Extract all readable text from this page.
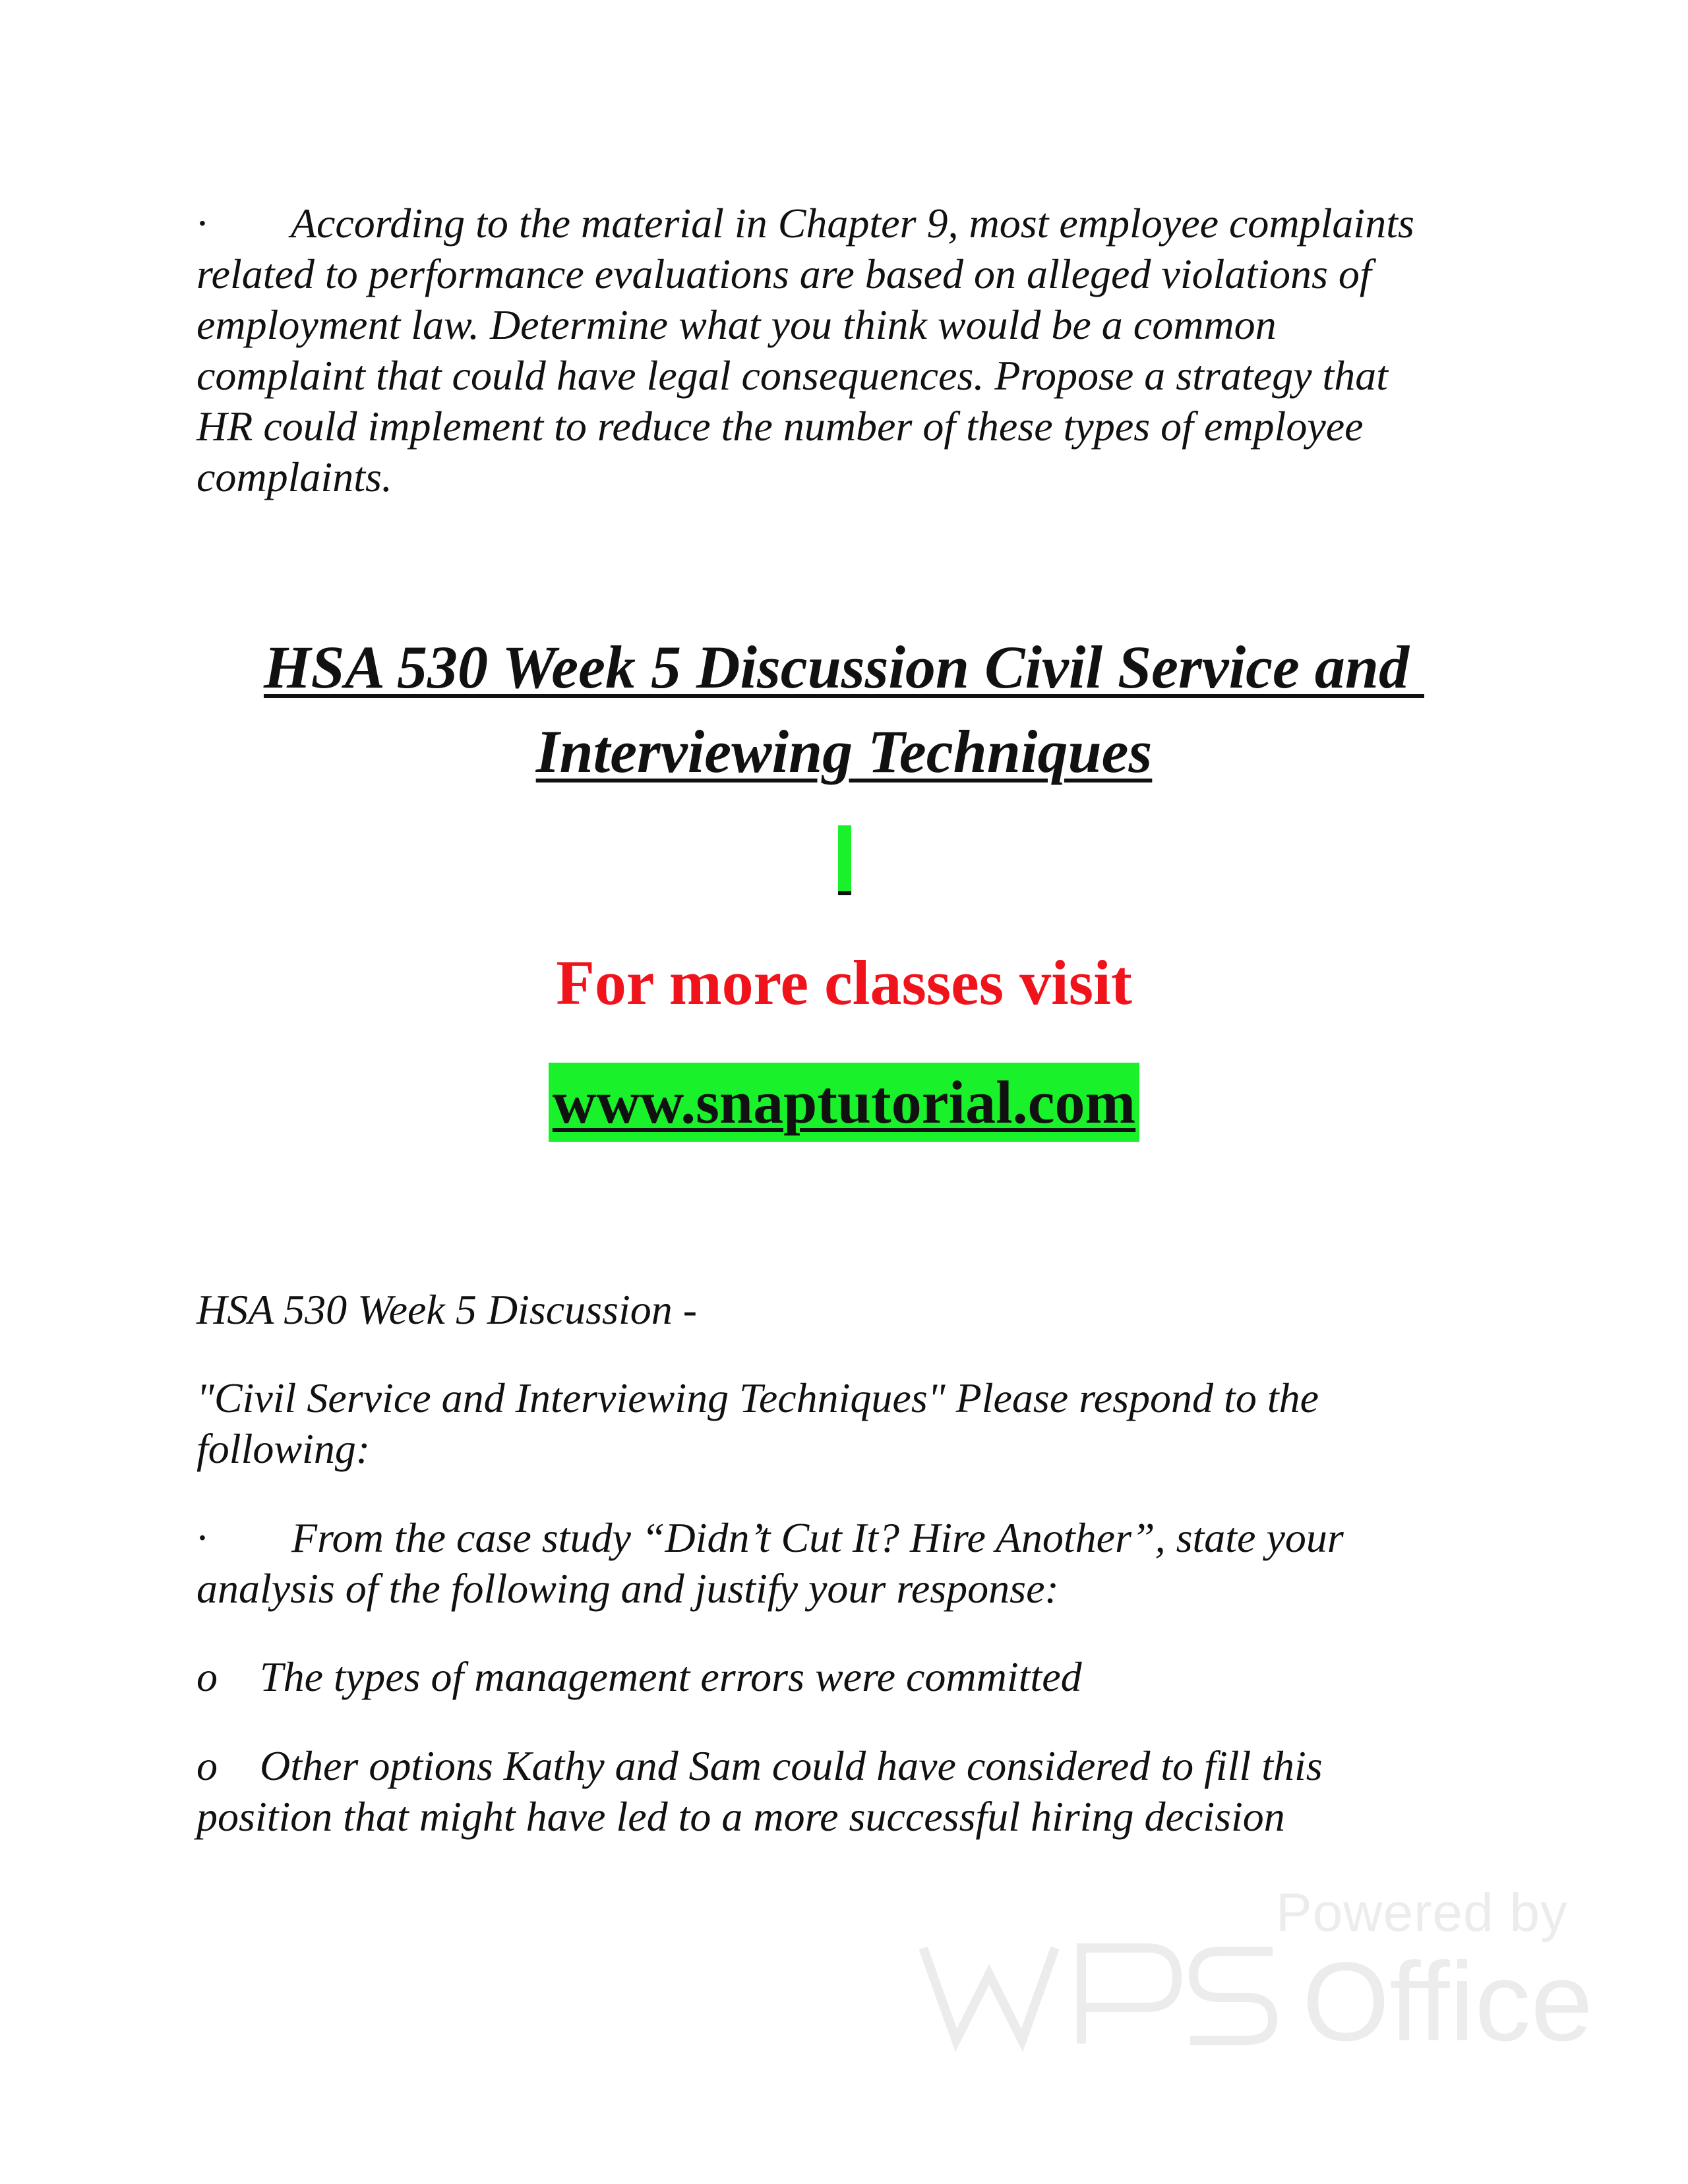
·        According to the material in Chapter 9, most employee complaints
related to performance evaluations are based on alleged violations of
employment law. Determine what you think would be a common
complaint that could have legal consequences. Propose a strategy that
HR could implement to reduce the number of these types of employee
complaints.
HSA 530 Week 5 Discussion Civil Service and
Interviewing Techniques
For more classes visit
www.snaptutorial.com
HSA 530 Week 5 Discussion -
"Civil Service and Interviewing Techniques" Please respond to the
following:
·        From the case study “Didn’t Cut It? Hire Another”, state your
analysis of the following and justify your response:
o    The types of management errors were committed
o    Other options Kathy and Sam could have considered to fill this
position that might have led to a more successful hiring decision
Powered by
Office
